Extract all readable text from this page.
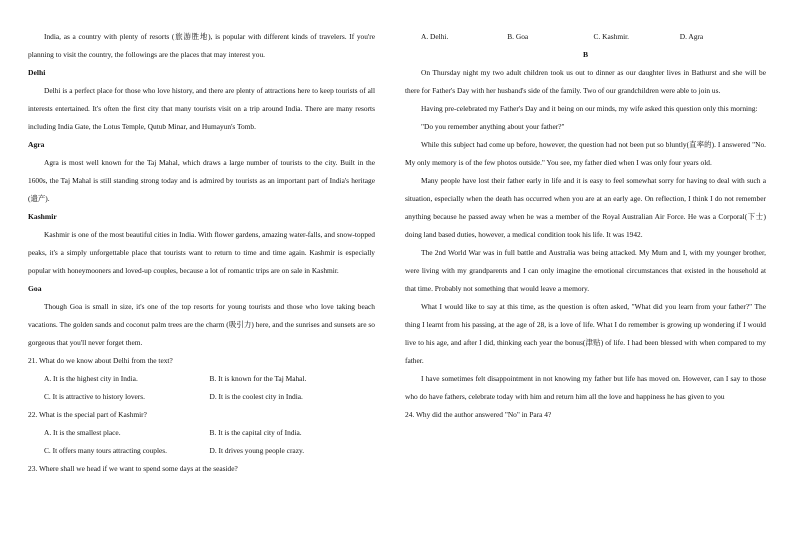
India, as a country with plenty of resorts (旅游胜地), is popular with different kinds of travelers. If you're planning to visit the country, the followings are the places that may interest you.

Delhi

Delhi is a perfect place for those who love history, and there are plenty of attractions here to keep tourists of all interests entertained. It's often the first city that many tourists visit on a trip around India. There are many resorts including India Gate, the Lotus Temple, Qutub Minar, and Humayun's Tomb.

Agra

Agra is most well known for the Taj Mahal, which draws a large number of tourists to the city. Built in the 1600s, the Taj Mahal is still standing strong today and is admired by tourists as an important part of India's heritage (遗产).

Kashmir

Kashmir is one of the most beautiful cities in India. With flower gardens, amazing water-falls, and snow-topped peaks, it's a simply unforgettable place that tourists want to return to time and time again. Kashmir is especially popular with honeymooners and loved-up couples, because a lot of romantic trips are on sale in Kashmir.

Goa

Though Goa is small in size, it's one of the top resorts for young tourists and those who love taking beach vacations. The golden sands and coconut palm trees are the charm (吸引力) here, and the sunrises and sunsets are so gorgeous that you'll never forget them.

21. What do we know about Delhi from the text?

A. It is the highest city in India.	B. It is known for the Taj Mahal.
C. It is attractive to history lovers.	D. It is the coolest city in India.

22. What is the special part of Kashmir?

A. It is the smallest place.	B. It is the capital city of India.
C. It offers many tours attracting couples.	D. It drives young people crazy.

23. Where shall we head if we want to spend some days at the seaside?

A. Delhi.	B. Goa	C. Kashmir.	D. Agra

B

On Thursday night my two adult children took us out to dinner as our daughter lives in Bathurst and she will be there for Father's Day with her husband's side of the family. Two of our grandchildren were able to join us.

Having pre-celebrated my Father's Day and it being on our minds, my wife asked this question only this morning:

"Do you remember anything about your father?"

While this subject had come up before, however, the question had not been put so bluntly(直率的). I answered "No. My only memory is of the few photos outside." You see, my father died when I was only four years old.

Many people have lost their father early in life and it is easy to feel somewhat sorry for having to deal with such a situation, especially when the death has occurred when you are at an early age. On reflection, I think I do not remember anything because he passed away when he was a member of the Royal Australian Air Force. He was a Corporal(下士) doing land based duties, however, a medical condition took his life. It was 1942.

The 2nd World War was in full battle and Australia was being attacked. My Mum and I, with my younger brother, were living with my grandparents and I can only imagine the emotional circumstances that existed in the household at that time. Probably not something that would leave a memory.

What I would like to say at this time, as the question is often asked, "What did you learn from your father?" The thing I learnt from his passing, at the age of 28, is a love of life. What I do remember is growing up wondering if I would live to his age, and after I did, thinking each year the bonus(津贴) of life. I had been blessed with when compared to my father.

I have sometimes felt disappointment in not knowing my father but life has moved on. However, can I say to those who do have fathers, celebrate today with him and return him all the love and happiness he has given to you

24. Why did the author answered "No" in Para 4?
